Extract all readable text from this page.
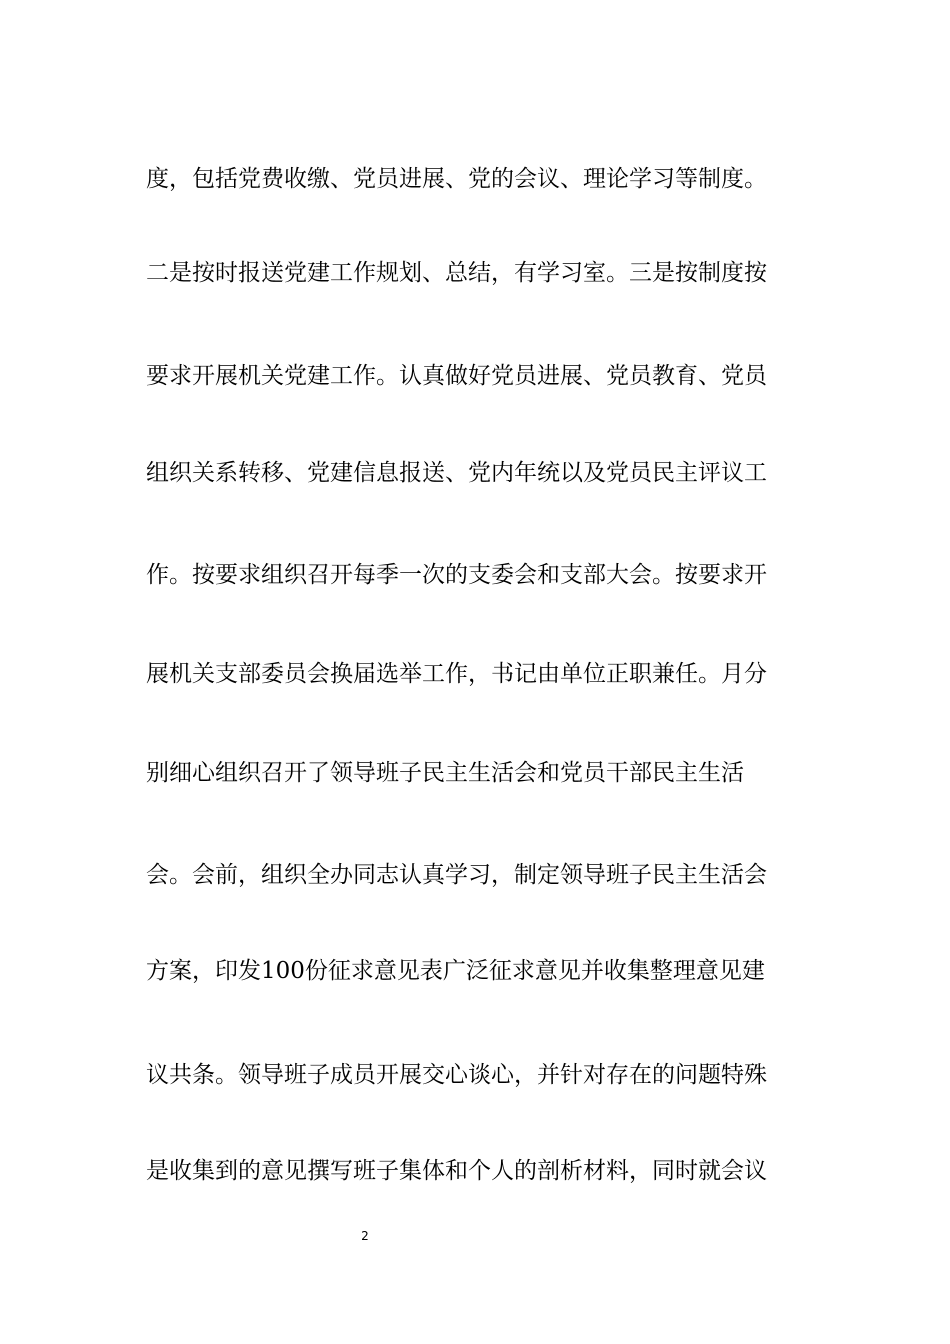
度，包括党费收缴、党员进展、党的会议、理论学习等制度。

二是按时报送党建工作规划、总结，有学习室。三是按制度按

要求开展机关党建工作。认真做好党员进展、党员教育、党员

组织关系转移、党建信息报送、党内年统以及党员民主评议工

作。按要求组织召开每季一次的支委会和支部大会。按要求开

展机关支部委员会换届选举工作，书记由单位正职兼任。月分

别细心组织召开了领导班子民主生活会和党员干部民主生活

会。会前，组织全办同志认真学习，制定领导班子民主生活会

方案，印发100份征求意见表广泛征求意见并收集整理意见建

议共条。领导班子成员开展交心谈心，并针对存在的问题特殊

是收集到的意见撰写班子集体和个人的剖析材料，同时就会议

2
